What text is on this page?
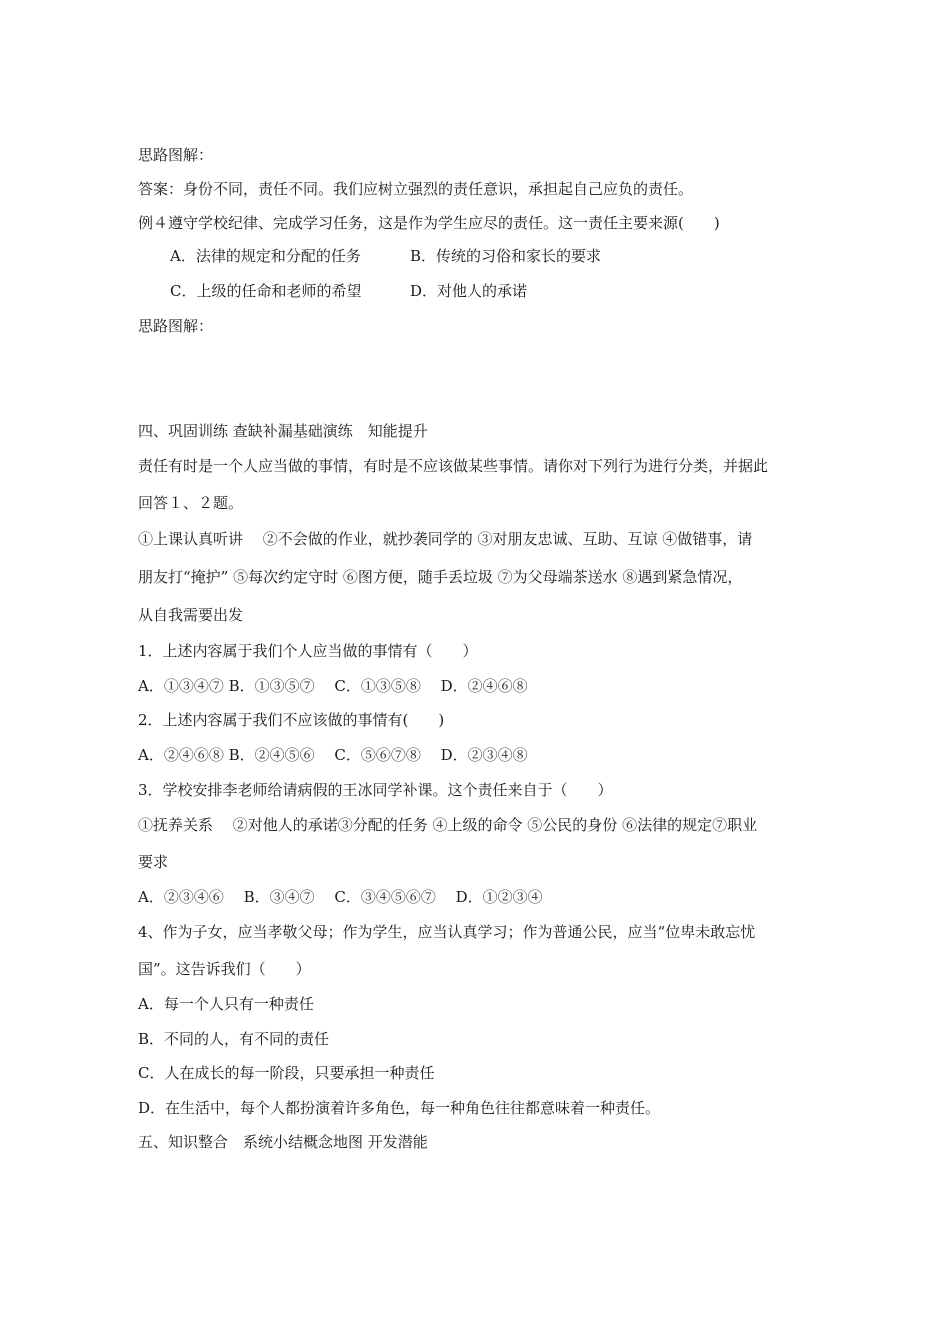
思路图解：
答案：身份不同，责任不同。我们应树立强烈的责任意识，承担起自己应负的责任。
例４遵守学校纪律、完成学习任务，这是作为学生应尽的责任。这一责任主要来源(　　)
A．法律的规定和分配的任务	B．传统的习俗和家长的要求
C．上级的任命和老师的希望	D．对他人的承诺
思路图解：
四、巩固训练 查缺补漏基础演练　知能提升
责任有时是一个人应当做的事情，有时是不应该做某些事情。请你对下列行为进行分类，并据此
回答１、２题。
①上课认真听讲　 ②不会做的作业，就抄袭同学的 ③对朋友忠诚、互助、互谅 ④做错事，请
朋友打“掩护” ⑤每次约定守时 ⑥图方便，随手丢垃圾 ⑦为父母端茶送水 ⑧遇到紧急情况，
从自我需要出发
1．上述内容属于我们个人应当做的事情有（　　）
A．①③④⑦ B．①③⑤⑦　 C．①③⑤⑧　 D．②④⑥⑧
2．上述内容属于我们不应该做的事情有(　　)
A．②④⑥⑧ B．②④⑤⑥　 C．⑤⑥⑦⑧　 D．②③④⑧
3．学校安排李老师给请病假的王冰同学补课。这个责任来自于（　　）
①抚养关系　 ②对他人的承诺③分配的任务 ④上级的命令 ⑤公民的身份 ⑥法律的规定⑦职业
要求
A．②③④⑥　 B．③④⑦　 C．③④⑤⑥⑦　 D．①②③④
4、作为子女，应当孝敬父母；作为学生，应当认真学习；作为普通公民，应当“位卑未敢忘忧
国”。这告诉我们（　　）
A．每一个人只有一种责任
B．不同的人，有不同的责任
C．人在成长的每一阶段，只要承担一种责任
D．在生活中，每个人都扮演着许多角色，每一种角色往往都意味着一种责任。
五、知识整合　系统小结概念地图 开发潜能
